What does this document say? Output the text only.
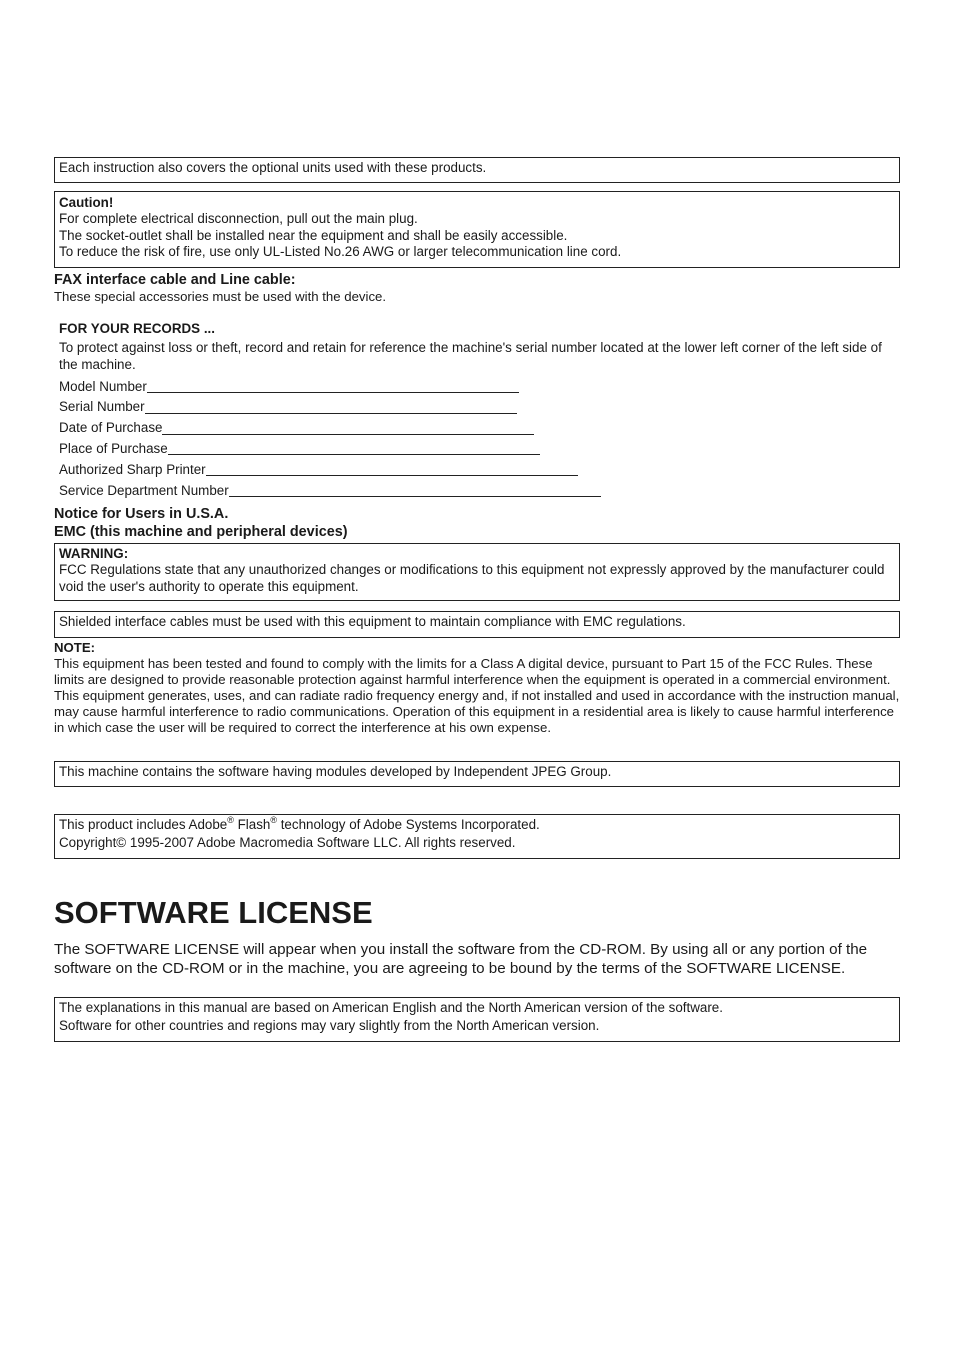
Each instruction also covers the optional units used with these products.
Caution!
For complete electrical disconnection, pull out the main plug.
The socket-outlet shall be installed near the equipment and shall be easily accessible.
To reduce the risk of fire, use only UL-Listed No.26 AWG or larger telecommunication line cord.
FAX interface cable and Line cable:
These special accessories must be used with the device.
FOR YOUR RECORDS ...
To protect against loss or theft, record and retain for reference the machine's serial number located at the lower left corner of the left side of the machine.
Model Number
Serial Number
Date of Purchase
Place of Purchase
Authorized Sharp Printer
Service Department Number
Notice for Users in U.S.A.
EMC (this machine and peripheral devices)
WARNING:
FCC Regulations state that any unauthorized changes or modifications to this equipment not expressly approved by the manufacturer could void the user's authority to operate this equipment.
Shielded interface cables must be used with this equipment to maintain compliance with EMC regulations.
NOTE:
This equipment has been tested and found to comply with the limits for a Class A digital device, pursuant to Part 15 of the FCC Rules. These limits are designed to provide reasonable protection against harmful interference when the equipment is operated in a commercial environment. This equipment generates, uses, and can radiate radio frequency energy and, if not installed and used in accordance with the instruction manual, may cause harmful interference to radio communications. Operation of this equipment in a residential area is likely to cause harmful interference in which case the user will be required to correct the interference at his own expense.
This machine contains the software having modules developed by Independent JPEG Group.
This product includes Adobe® Flash® technology of Adobe Systems Incorporated.
Copyright© 1995-2007 Adobe Macromedia Software LLC. All rights reserved.
SOFTWARE LICENSE
The SOFTWARE LICENSE will appear when you install the software from the CD-ROM. By using all or any portion of the software on the CD-ROM or in the machine, you are agreeing to be bound by the terms of the SOFTWARE LICENSE.
The explanations in this manual are based on American English and the North American version of the software.
Software for other countries and regions may vary slightly from the North American version.
